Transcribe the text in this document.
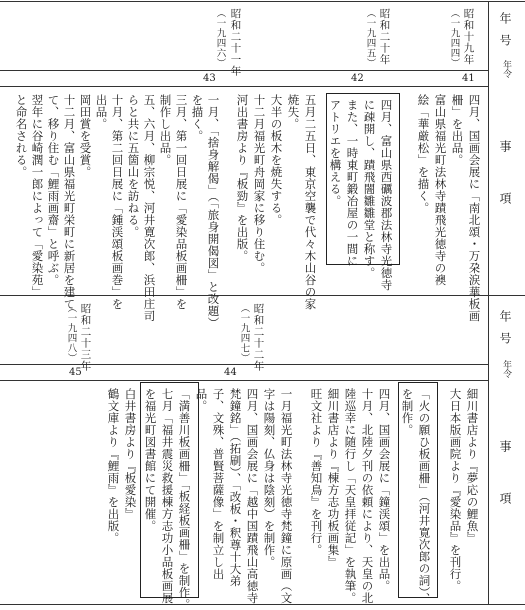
年号
年令
事項
年号
年令
事項
昭和十九年
（一九四四）
41
昭和二十年
（一九四五）
42
昭和二十一年
（一九四六）
43
四月、国画会展に「南北頌・万朶涙華板画
柵」を出品。
富山県福光町法林寺蹟飛光徳寺の襖
絵「華厳松」を描く。
四月、富山県西礪波郡法林寺光徳寺
に疎開し、蹟飛闇雛雛堂と称す。
また、一時東町鍛冶屋の一間に
アトリエを構える。
五月二五日、東京空襲で代々木山谷の家
焼失。
大半の板木を焼失する。
十二月福光町舟岡家に移り住む。
河出書房より『板勁』を出版。
一月、「捨身解偈」（「旅身開偈図」と改題）
を描く。
三月、第一回日展に「愛染品板画柵」を
制作し出品。
五、六月、柳宗悦、河井寛次郎、浜田庄司
らと共に五箇山を訪ねる。
十月、第二回日展に「鍾渓頌板画巻」を
出品。
岡田賞を受賞。
十二月、富山県福光町栄町に新居を建て
て、移り住む「鯉雨画齋」と呼ぶ。
翌年に谷崎潤一郎によって「愛染苑」
と命名される。
昭和二十二年
（一九四七）
44
昭和二十三年
（一九四八）
45
細川書店より『夢応の鯉魚』
大日本版画院より『愛染品』を刊行。
「火の願ひ板画柵」（河井寛次郎の詞）、
を制作。
四月、国画会展に「鐘渓頌」を出品。
十月、北陸夕刊の依頼により、天皇の北
陸巡幸に随行し「天皇拝従記」を執筆。
細川書店より『棟方志功板画集』
旺文社より『善知鳥』を刊行。
一月福光町法林寺光徳寺梵鐘に原画（文
字は陽刻、仏身は陰刻）を制作。
四月、国画会展に「越中国蹟飛山高徳寺
梵鐘銘」（拓刷）、「改板・釈尊十大弟
子、文殊、普賢菩薩像」を制立し出
品。
「満善川板画柵」「板経板画柵」を制作。
七月「福井震災救援棟方志功小品板画展
を福光町図書館にて開催。
白井書房より『板愛染』
鶴文庫より『鯉雨』を出版。
